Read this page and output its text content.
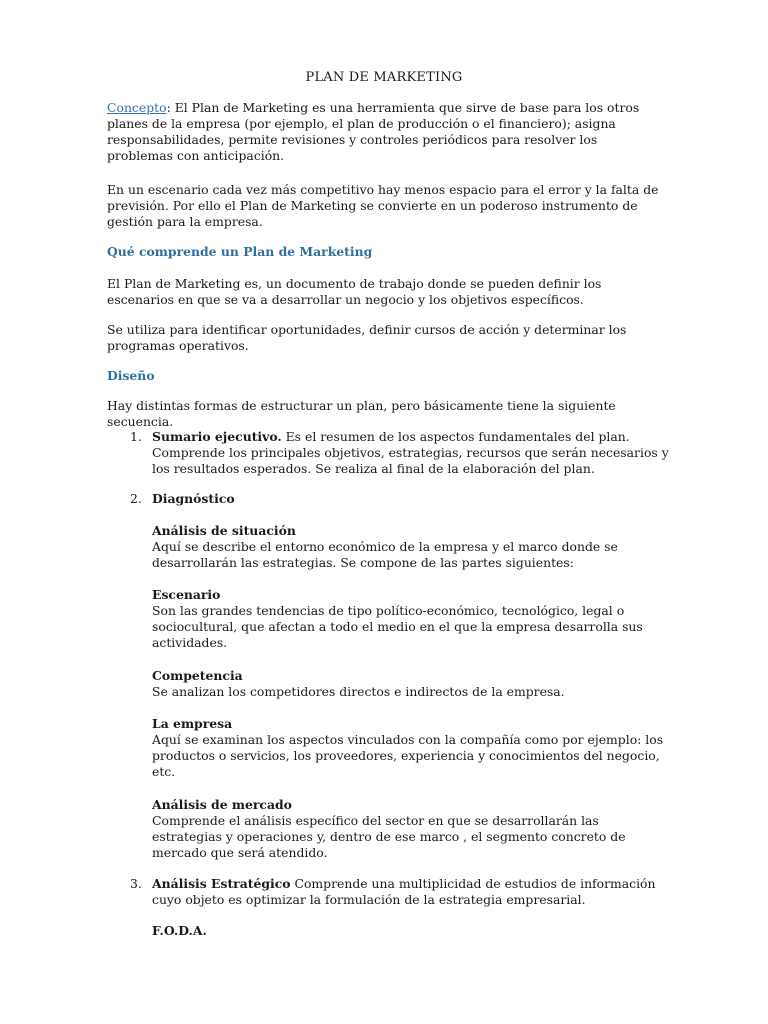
PLAN DE MARKETING

Concepto: El Plan de Marketing es una herramienta que sirve de base para los otros planes de la empresa (por ejemplo, el plan de producción o el financiero); asigna responsabilidades, permite revisiones y controles periódicos para resolver los problemas con anticipación.

En un escenario cada vez más competitivo hay menos espacio para el error y la falta de previsión. Por ello el Plan de Marketing se convierte en un poderoso instrumento de gestión para la empresa.

Qué comprende un Plan de Marketing

El Plan de Marketing es, un documento de trabajo donde se pueden definir los escenarios en que se va a desarrollar un negocio y los objetivos específicos.

Se utiliza para identificar oportunidades, definir cursos de acción y determinar los programas operativos.

Diseño

Hay distintas formas de estructurar un plan, pero básicamente tiene la siguiente secuencia.

1. Sumario ejecutivo. Es el resumen de los aspectos fundamentales del plan. Comprende los principales objetivos, estrategias, recursos que serán necesarios y los resultados esperados. Se realiza al final de la elaboración del plan.

2. Diagnóstico

Análisis de situación
Aquí se describe el entorno económico de la empresa y el marco donde se desarrollarán las estrategias. Se compone de las partes siguientes:

Escenario
Son las grandes tendencias de tipo político-económico, tecnológico, legal o sociocultural, que afectan a todo el medio en el que la empresa desarrolla sus actividades.

Competencia
Se analizan los competidores directos e indirectos de la empresa.

La empresa
Aquí se examinan los aspectos vinculados con la compañía como por ejemplo: los productos o servicios, los proveedores, experiencia y conocimientos del negocio, etc.

Análisis de mercado
Comprende el análisis específico del sector en que se desarrollarán las estrategias y operaciones y, dentro de ese marco , el segmento concreto de mercado que será atendido.

3. Análisis Estratégico Comprende una multiplicidad de estudios de información cuyo objeto es optimizar la formulación de la estrategia empresarial.

F.O.D.A.
